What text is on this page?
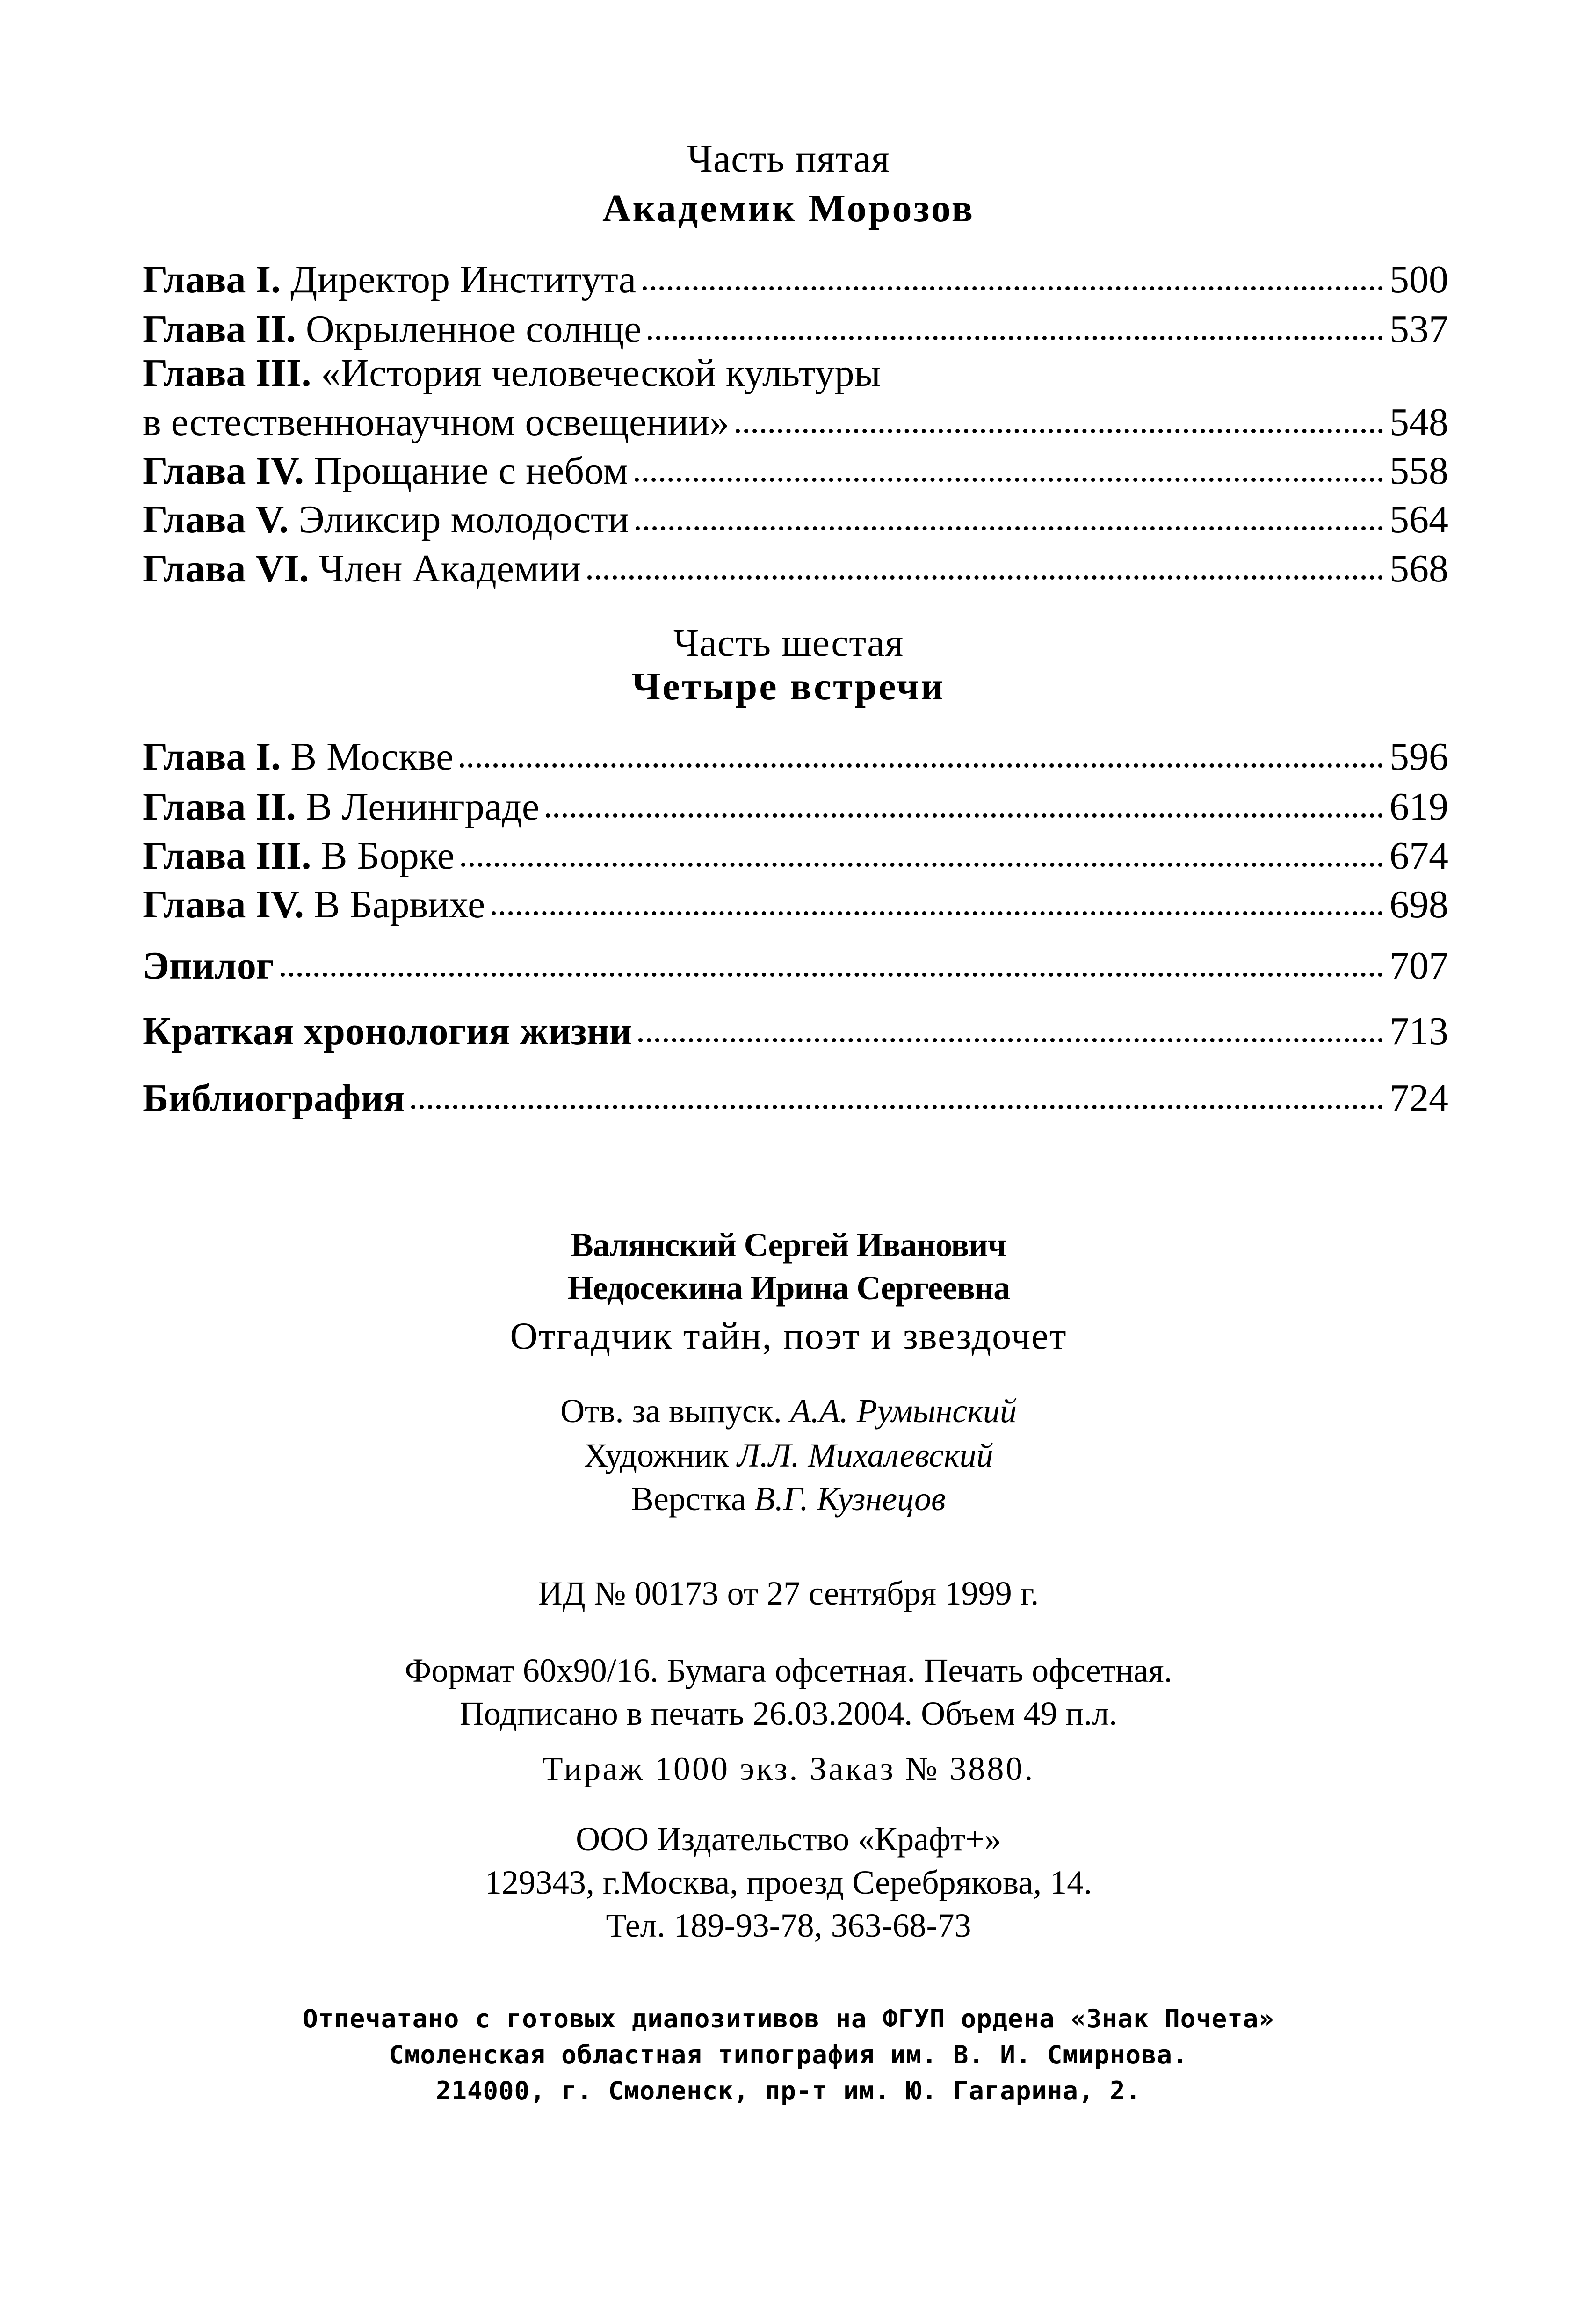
Часть пятая
Академик Морозов
Глава I. Директор Института	500
Глава II. Окрыленное солнце	537
Глава III. «История человеческой культуры
в естественнонаучном освещении»	548
Глава IV. Прощание с небом	558
Глава V. Эликсир молодости	564
Глава VI. Член Академии	568
Часть шестая
Четыре встречи
Глава I. В Москве	596
Глава II. В Ленинграде	619
Глава III. В Борке	674
Глава IV. В Барвихе	698
Эпилог	707
Краткая хронология жизни	713
Библиография	724
Валянский Сергей Иванович
Недосекина Ирина Сергеевна
Отгадчик тайн, поэт и звездочет
Отв. за выпуск. А.А. Румынский
Художник Л.Л. Михалевский
Верстка В.Г. Кузнецов
ИД № 00173 от 27 сентября 1999 г.
Формат 60х90/16. Бумага офсетная. Печать офсетная.
Подписано в печать 26.03.2004. Объем 49 п.л.
Тираж 1000 экз. Заказ № 3880.
ООО Издательство «Крафт+»
129343, г.Москва, проезд Серебрякова, 14.
Тел. 189-93-78, 363-68-73
Отпечатано с готовых диапозитивов на ФГУП ордена «Знак Почета»
Смоленская областная типография им. В. И. Смирнова.
214000, г. Смоленск, пр-т им. Ю. Гагарина, 2.
